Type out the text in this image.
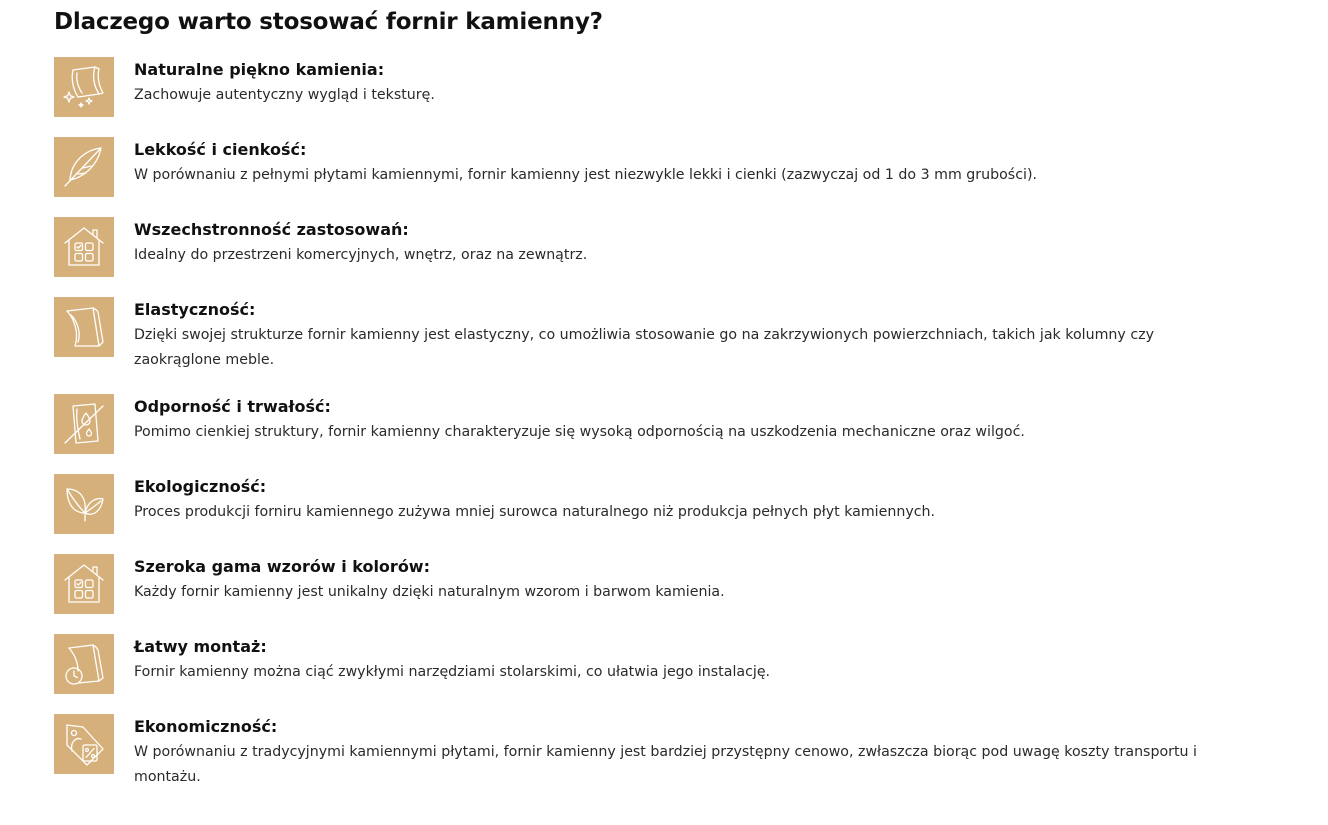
Dlaczego warto stosować fornir kamienny?
Naturalne piękno kamienia:

Zachowuje autentyczny wygląd i teksturę.

Lekkość i cienkość:

W porównaniu z pełnymi płytami kamiennymi, fornir kamienny jest niezwykle lekki i cienki (zazwyczaj od 1 do 3 mm grubości).

Wszechstronność zastosowań:

Idealny do przestrzeni komercyjnych, wnętrz, oraz na zewnątrz.

Elastyczność:

Dzięki swojej strukturze fornir kamienny jest elastyczny, co umożliwia stosowanie go na zakrzywionych powierzchniach, takich jak kolumny czy zaokrąglone meble.

Odporność i trwałość:

Pomimo cienkiej struktury, fornir kamienny charakteryzuje się wysoką odpornością na uszkodzenia mechaniczne oraz wilgoć.

Ekologiczność:

Proces produkcji forniru kamiennego zużywa mniej surowca naturalnego niż produkcja pełnych płyt kamiennych.

Szeroka gama wzorów i kolorów:

Każdy fornir kamienny jest unikalny dzięki naturalnym wzorom i barwom kamienia.

Łatwy montaż:

Fornir kamienny można ciąć zwykłymi narzędziami stolarskimi, co ułatwia jego instalację.

Ekonomiczność:

W porównaniu z tradycyjnymi kamiennymi płytami, fornir kamienny jest bardziej przystępny cenowo, zwłaszcza biorąc pod uwagę koszty transportu i montażu.
